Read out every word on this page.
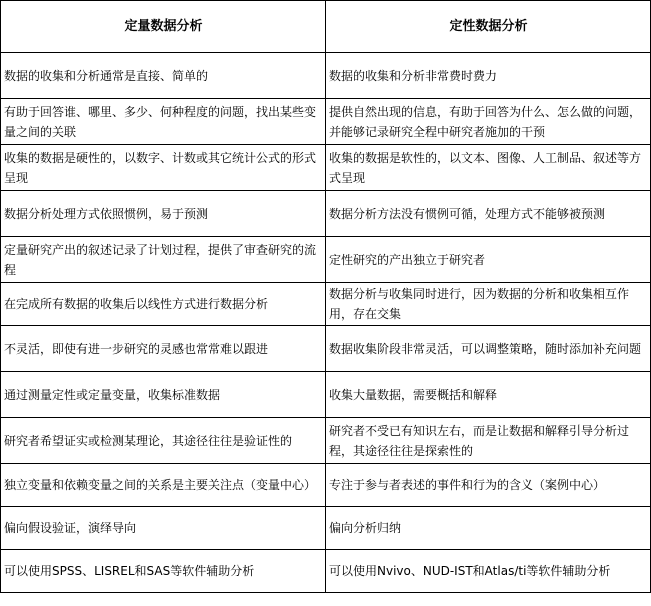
定量数据分析	定性数据分析
数据的收集和分析通常是直接、简单的	数据的收集和分析非常费时费力
有助于回答谁、哪里、多少、何种程度的问题，找出某些变量之间的关联	提供自然出现的信息，有助于回答为什么、怎么做的问题，并能够记录研究全程中研究者施加的干预
收集的数据是硬性的，以数字、计数或其它统计公式的形式呈现	收集的数据是软性的，以文本、图像、人工制品、叙述等方式呈现
数据分析处理方式依照惯例，易于预测	数据分析方法没有惯例可循，处理方式不能够被预测
定量研究产出的叙述记录了计划过程，提供了审查研究的流程	定性研究的产出独立于研究者
在完成所有数据的收集后以线性方式进行数据分析	数据分析与收集同时进行，因为数据的分析和收集相互作用，存在交集
不灵活，即使有进一步研究的灵感也常常难以跟进	数据收集阶段非常灵活，可以调整策略，随时添加补充问题
通过测量定性或定量变量，收集标准数据	收集大量数据，需要概括和解释
研究者希望证实或检测某理论，其途径往往是验证性的	研究者不受已有知识左右，而是让数据和解释引导分析过程，其途径往往是探索性的
独立变量和依赖变量之间的关系是主要关注点（变量中心）	专注于参与者表述的事件和行为的含义（案例中心）
偏向假设验证，演绎导向	偏向分析归纳
可以使用SPSS、LISREL和SAS等软件辅助分析	可以使用Nvivo、NUD-IST和Atlas/ti等软件辅助分析
